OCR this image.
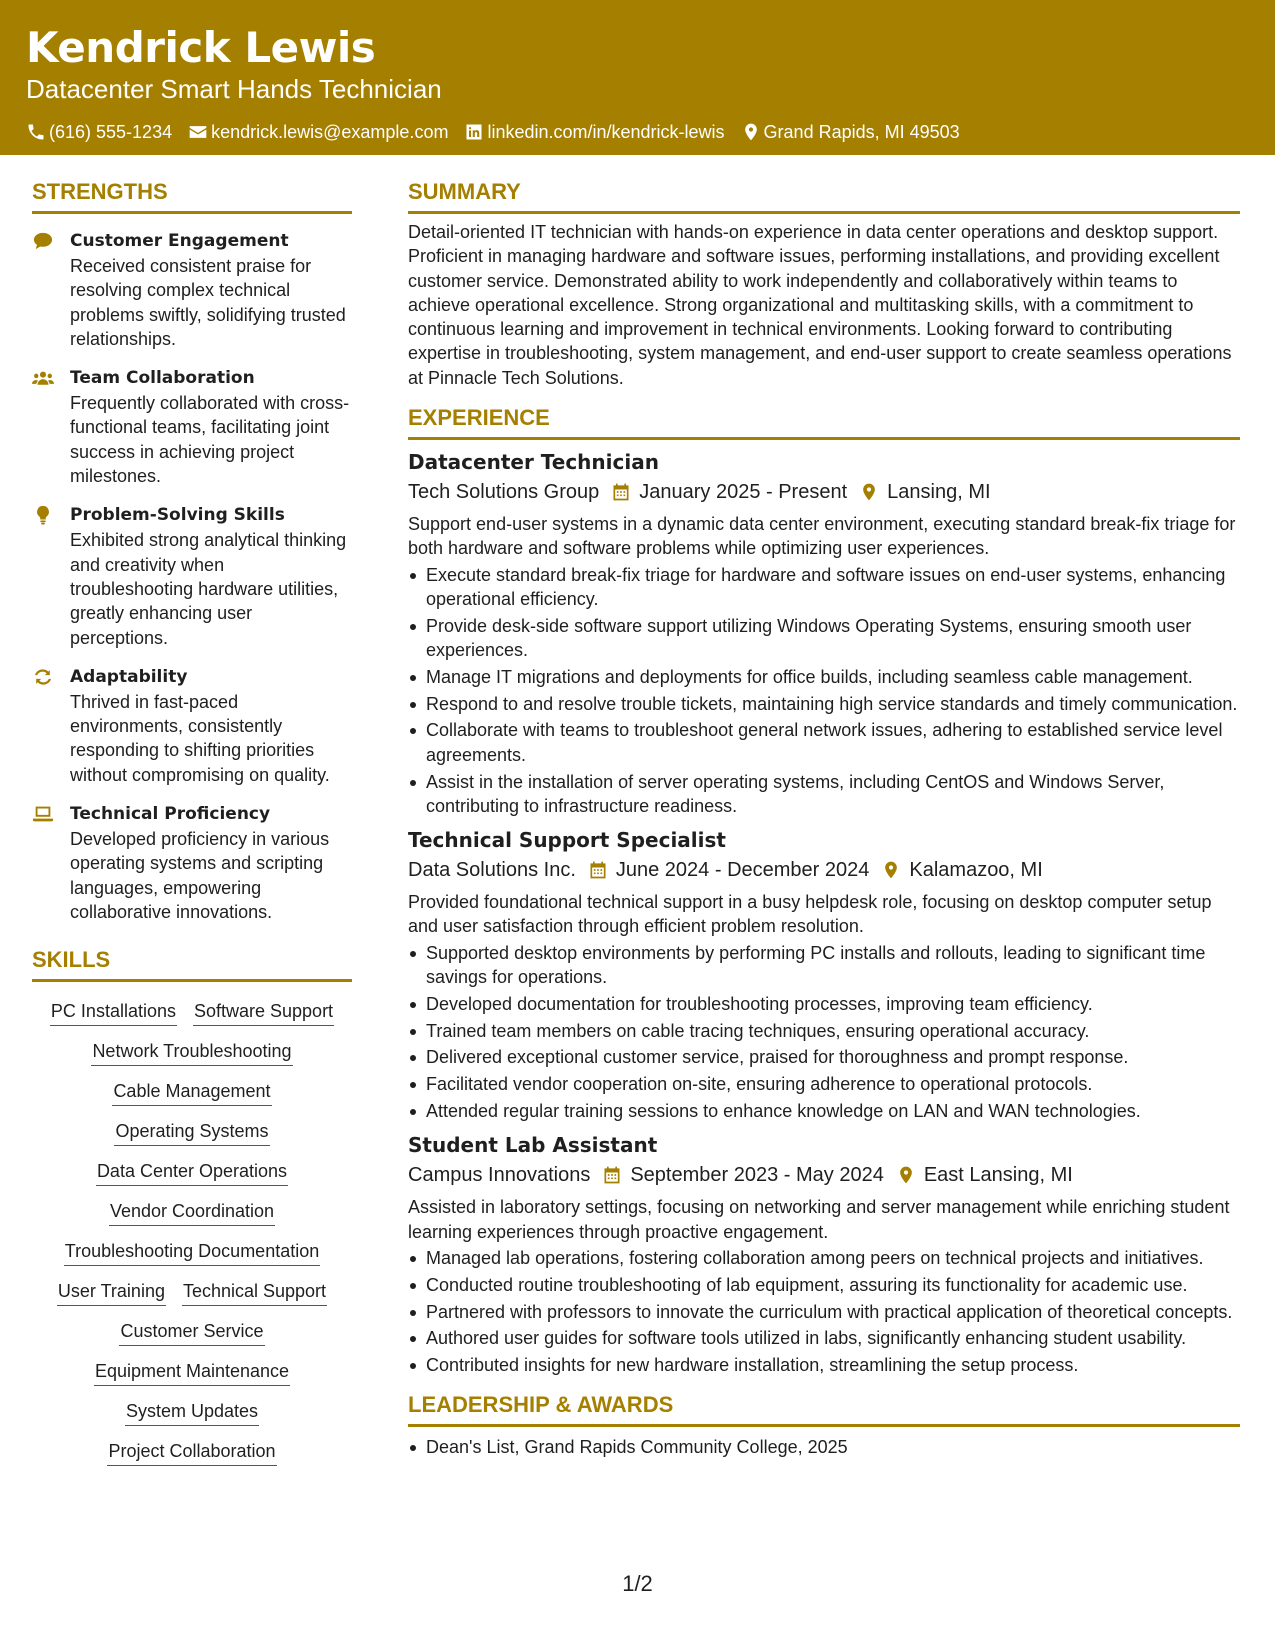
Kendrick Lewis
Datacenter Smart Hands Technician
(616) 555-1234 kendrick.lewis@example.com linkedin.com/in/kendrick-lewis Grand Rapids, MI 49503
STRENGTHS
Customer Engagement
Received consistent praise for resolving complex technical problems swiftly, solidifying trusted relationships.
Team Collaboration
Frequently collaborated with cross-functional teams, facilitating joint success in achieving project milestones.
Problem-Solving Skills
Exhibited strong analytical thinking and creativity when troubleshooting hardware utilities, greatly enhancing user perceptions.
Adaptability
Thrived in fast-paced environments, consistently responding to shifting priorities without compromising on quality.
Technical Proficiency
Developed proficiency in various operating systems and scripting languages, empowering collaborative innovations.
SKILLS
PC Installations Software Support
Network Troubleshooting
Cable Management
Operating Systems
Data Center Operations
Vendor Coordination
Troubleshooting Documentation
User Training Technical Support
Customer Service
Equipment Maintenance
System Updates
Project Collaboration
SUMMARY
Detail-oriented IT technician with hands-on experience in data center operations and desktop support. Proficient in managing hardware and software issues, performing installations, and providing excellent customer service. Demonstrated ability to work independently and collaboratively within teams to achieve operational excellence. Strong organizational and multitasking skills, with a commitment to continuous learning and improvement in technical environments. Looking forward to contributing expertise in troubleshooting, system management, and end-user support to create seamless operations at Pinnacle Tech Solutions.
EXPERIENCE
Datacenter Technician
Tech Solutions Group January 2025 - Present Lansing, MI
Support end-user systems in a dynamic data center environment, executing standard break-fix triage for both hardware and software problems while optimizing user experiences.
Execute standard break-fix triage for hardware and software issues on end-user systems, enhancing operational efficiency.
Provide desk-side software support utilizing Windows Operating Systems, ensuring smooth user experiences.
Manage IT migrations and deployments for office builds, including seamless cable management.
Respond to and resolve trouble tickets, maintaining high service standards and timely communication.
Collaborate with teams to troubleshoot general network issues, adhering to established service level agreements.
Assist in the installation of server operating systems, including CentOS and Windows Server, contributing to infrastructure readiness.
Technical Support Specialist
Data Solutions Inc. June 2024 - December 2024 Kalamazoo, MI
Provided foundational technical support in a busy helpdesk role, focusing on desktop computer setup and user satisfaction through efficient problem resolution.
Supported desktop environments by performing PC installs and rollouts, leading to significant time savings for operations.
Developed documentation for troubleshooting processes, improving team efficiency.
Trained team members on cable tracing techniques, ensuring operational accuracy.
Delivered exceptional customer service, praised for thoroughness and prompt response.
Facilitated vendor cooperation on-site, ensuring adherence to operational protocols.
Attended regular training sessions to enhance knowledge on LAN and WAN technologies.
Student Lab Assistant
Campus Innovations September 2023 - May 2024 East Lansing, MI
Assisted in laboratory settings, focusing on networking and server management while enriching student learning experiences through proactive engagement.
Managed lab operations, fostering collaboration among peers on technical projects and initiatives.
Conducted routine troubleshooting of lab equipment, assuring its functionality for academic use.
Partnered with professors to innovate the curriculum with practical application of theoretical concepts.
Authored user guides for software tools utilized in labs, significantly enhancing student usability.
Contributed insights for new hardware installation, streamlining the setup process.
LEADERSHIP & AWARDS
Dean's List, Grand Rapids Community College, 2025
1/2
